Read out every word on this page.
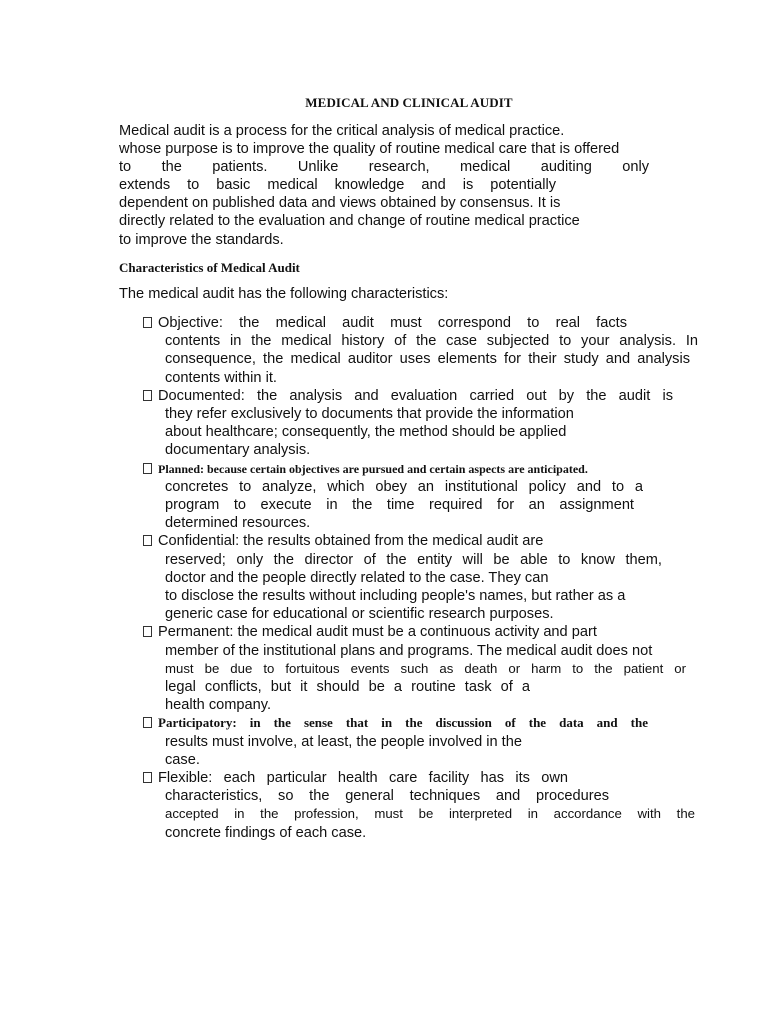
MEDICAL AND CLINICAL AUDIT
Medical audit is a process for the critical analysis of medical practice.
whose purpose is to improve the quality of routine medical care that is offered
to the patients. Unlike research, medical auditing only
extends to basic medical knowledge and is potentially
dependent on published data and views obtained by consensus. It is
directly related to the evaluation and change of routine medical practice
to improve the standards.
Characteristics of Medical Audit
The medical audit has the following characteristics:
Objective: the medical audit must correspond to real facts
contents in the medical history of the case subjected to your analysis. In
consequence, the medical auditor uses elements for their study and analysis
contents within it.
Documented: the analysis and evaluation carried out by the audit is
they refer exclusively to documents that provide the information
about healthcare; consequently, the method should be applied
documentary analysis.
Planned: because certain objectives are pursued and certain aspects are anticipated.
concretes to analyze, which obey an institutional policy and to a
program to execute in the time required for an assignment
determined resources.
Confidential: the results obtained from the medical audit are
reserved; only the director of the entity will be able to know them,
doctor and the people directly related to the case. They can
to disclose the results without including people's names, but rather as a
generic case for educational or scientific research purposes.
Permanent: the medical audit must be a continuous activity and part
member of the institutional plans and programs. The medical audit does not
must be due to fortuitous events such as death or harm to the patient or
legal conflicts, but it should be a routine task of a
health company.
Participatory: in the sense that in the discussion of the data and the
results must involve, at least, the people involved in the
case.
Flexible: each particular health care facility has its own
characteristics, so the general techniques and procedures
accepted in the profession, must be interpreted in accordance with the
concrete findings of each case.
